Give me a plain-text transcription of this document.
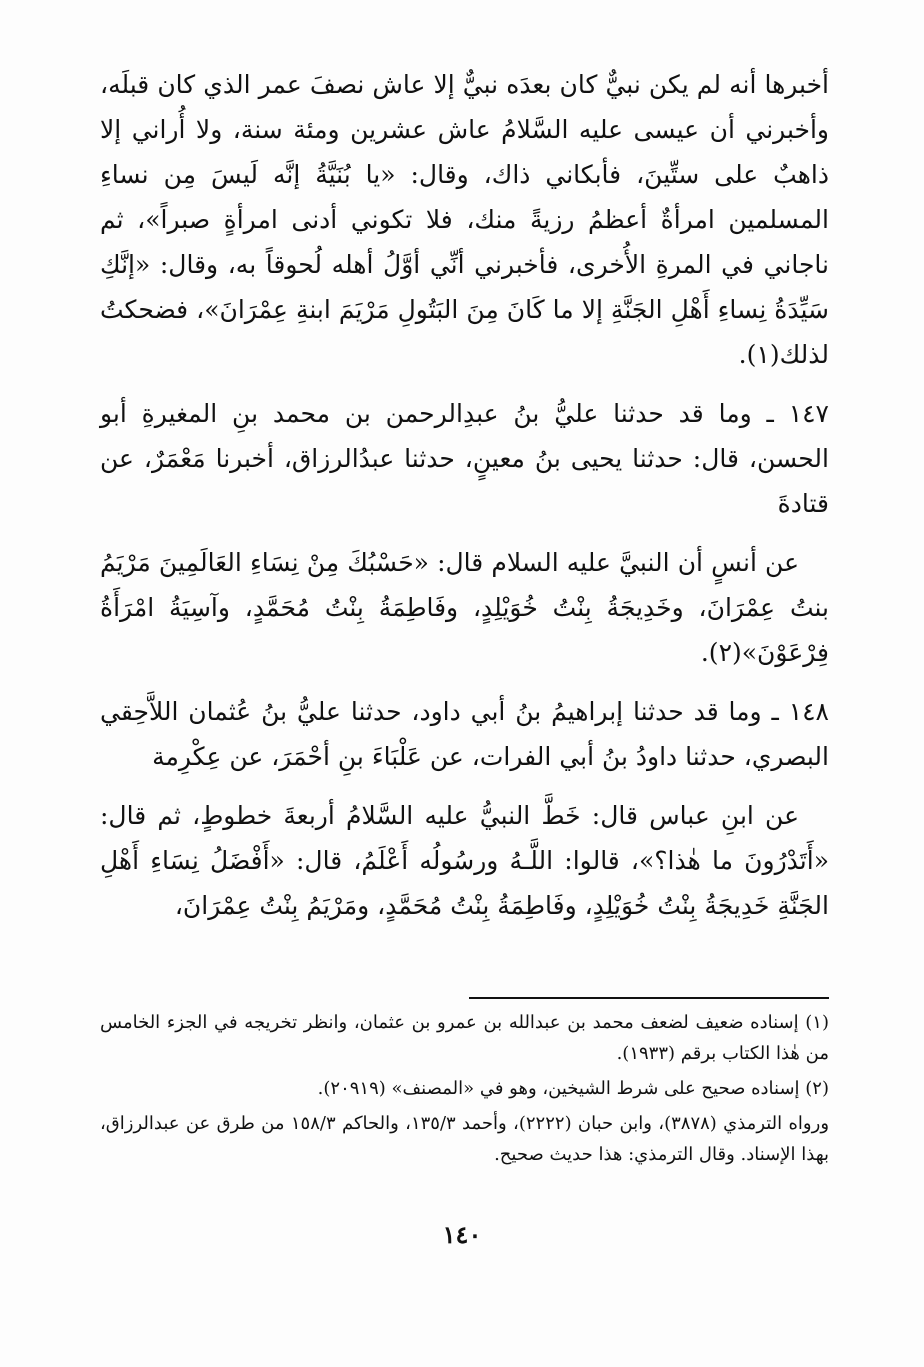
أخبرها أنه لم يكن نبيٌّ كان بعدَه نبيٌّ إلا عاش نصفَ عمر الذي كان قبلَه، وأخبرني أن عيسى عليه السَّلامُ عاش عشرين ومئة سنة، ولا أُراني إلا ذاهبٌ على ستِّينَ، فأبكاني ذاك، وقال: «يا بُنَيَّةُ إنَّه لَيسَ مِن نساءِ المسلمين امرأةٌ أعظمُ رزيةً منك، فلا تكوني أدنى امرأةٍ صبراً»، ثم ناجاني في المرةِ الأُخرى، فأخبرني أنِّي أوَّلُ أهله لُحوقاً به، وقال: «إنَّكِ سَيِّدَةُ نِساءِ أَهْلِ الجَنَّةِ إلا ما كَانَ مِنَ البَتُولِ مَرْيَمَ ابنةِ عِمْرَانَ»، فضحكتُ لذلك(١).

١٤٧ ـ وما قد حدثنا عليُّ بنُ عبدِالرحمن بن محمد بنِ المغيرةِ أبو الحسن، قال: حدثنا يحيى بنُ معينٍ، حدثنا عبدُالرزاق، أخبرنا مَعْمَرٌ، عن قتادةَ

عن أنسٍ أن النبيَّ عليه السلام قال: «حَسْبُكَ مِنْ نِسَاءِ العَالَمِينَ مَرْيَمُ بنتُ عِمْرَانَ، وخَدِيجَةُ بِنْتُ خُوَيْلِدٍ، وفَاطِمَةُ بِنْتُ مُحَمَّدٍ، وآسِيَةُ امْرَأَةُ فِرْعَوْنَ»(٢).

١٤٨ ـ وما قد حدثنا إبراهيمُ بنُ أبي داود، حدثنا عليُّ بنُ عُثمان اللاَّحِقي البصري، حدثنا داودُ بنُ أبي الفرات، عن عَلْبَاءَ بنِ أحْمَرَ، عن عِكْرِمة

عن ابنِ عباس قال: خَطَّ النبيُّ عليه السَّلامُ أربعةَ خطوطٍ، ثم قال: «أَتَدْرُونَ ما هٰذا؟»، قالوا: اللَّـهُ ورسُولُه أَعْلَمُ، قال: «أَفْضَلُ نِسَاءِ أَهْلِ الجَنَّةِ خَدِيجَةُ بِنْتُ خُوَيْلِدٍ، وفَاطِمَةُ بِنْتُ مُحَمَّدٍ، ومَرْيَمُ بِنْتُ عِمْرَانَ،

(١) إسناده ضعيف لضعف محمد بن عبدالله بن عمرو بن عثمان، وانظر تخريجه في الجزء الخامس من هٰذا الكتاب برقم (١٩٣٣).

(٢) إسناده صحيح على شرط الشيخين، وهو في «المصنف» (٢٠٩١٩).

ورواه الترمذي (٣٨٧٨)، وابن حبان (٢٢٢٢)، وأحمد ١٣٥/٣، والحاكم ١٥٨/٣ من طرق عن عبدالرزاق، بهذا الإسناد. وقال الترمذي: هذا حديث صحيح.

١٤٠
